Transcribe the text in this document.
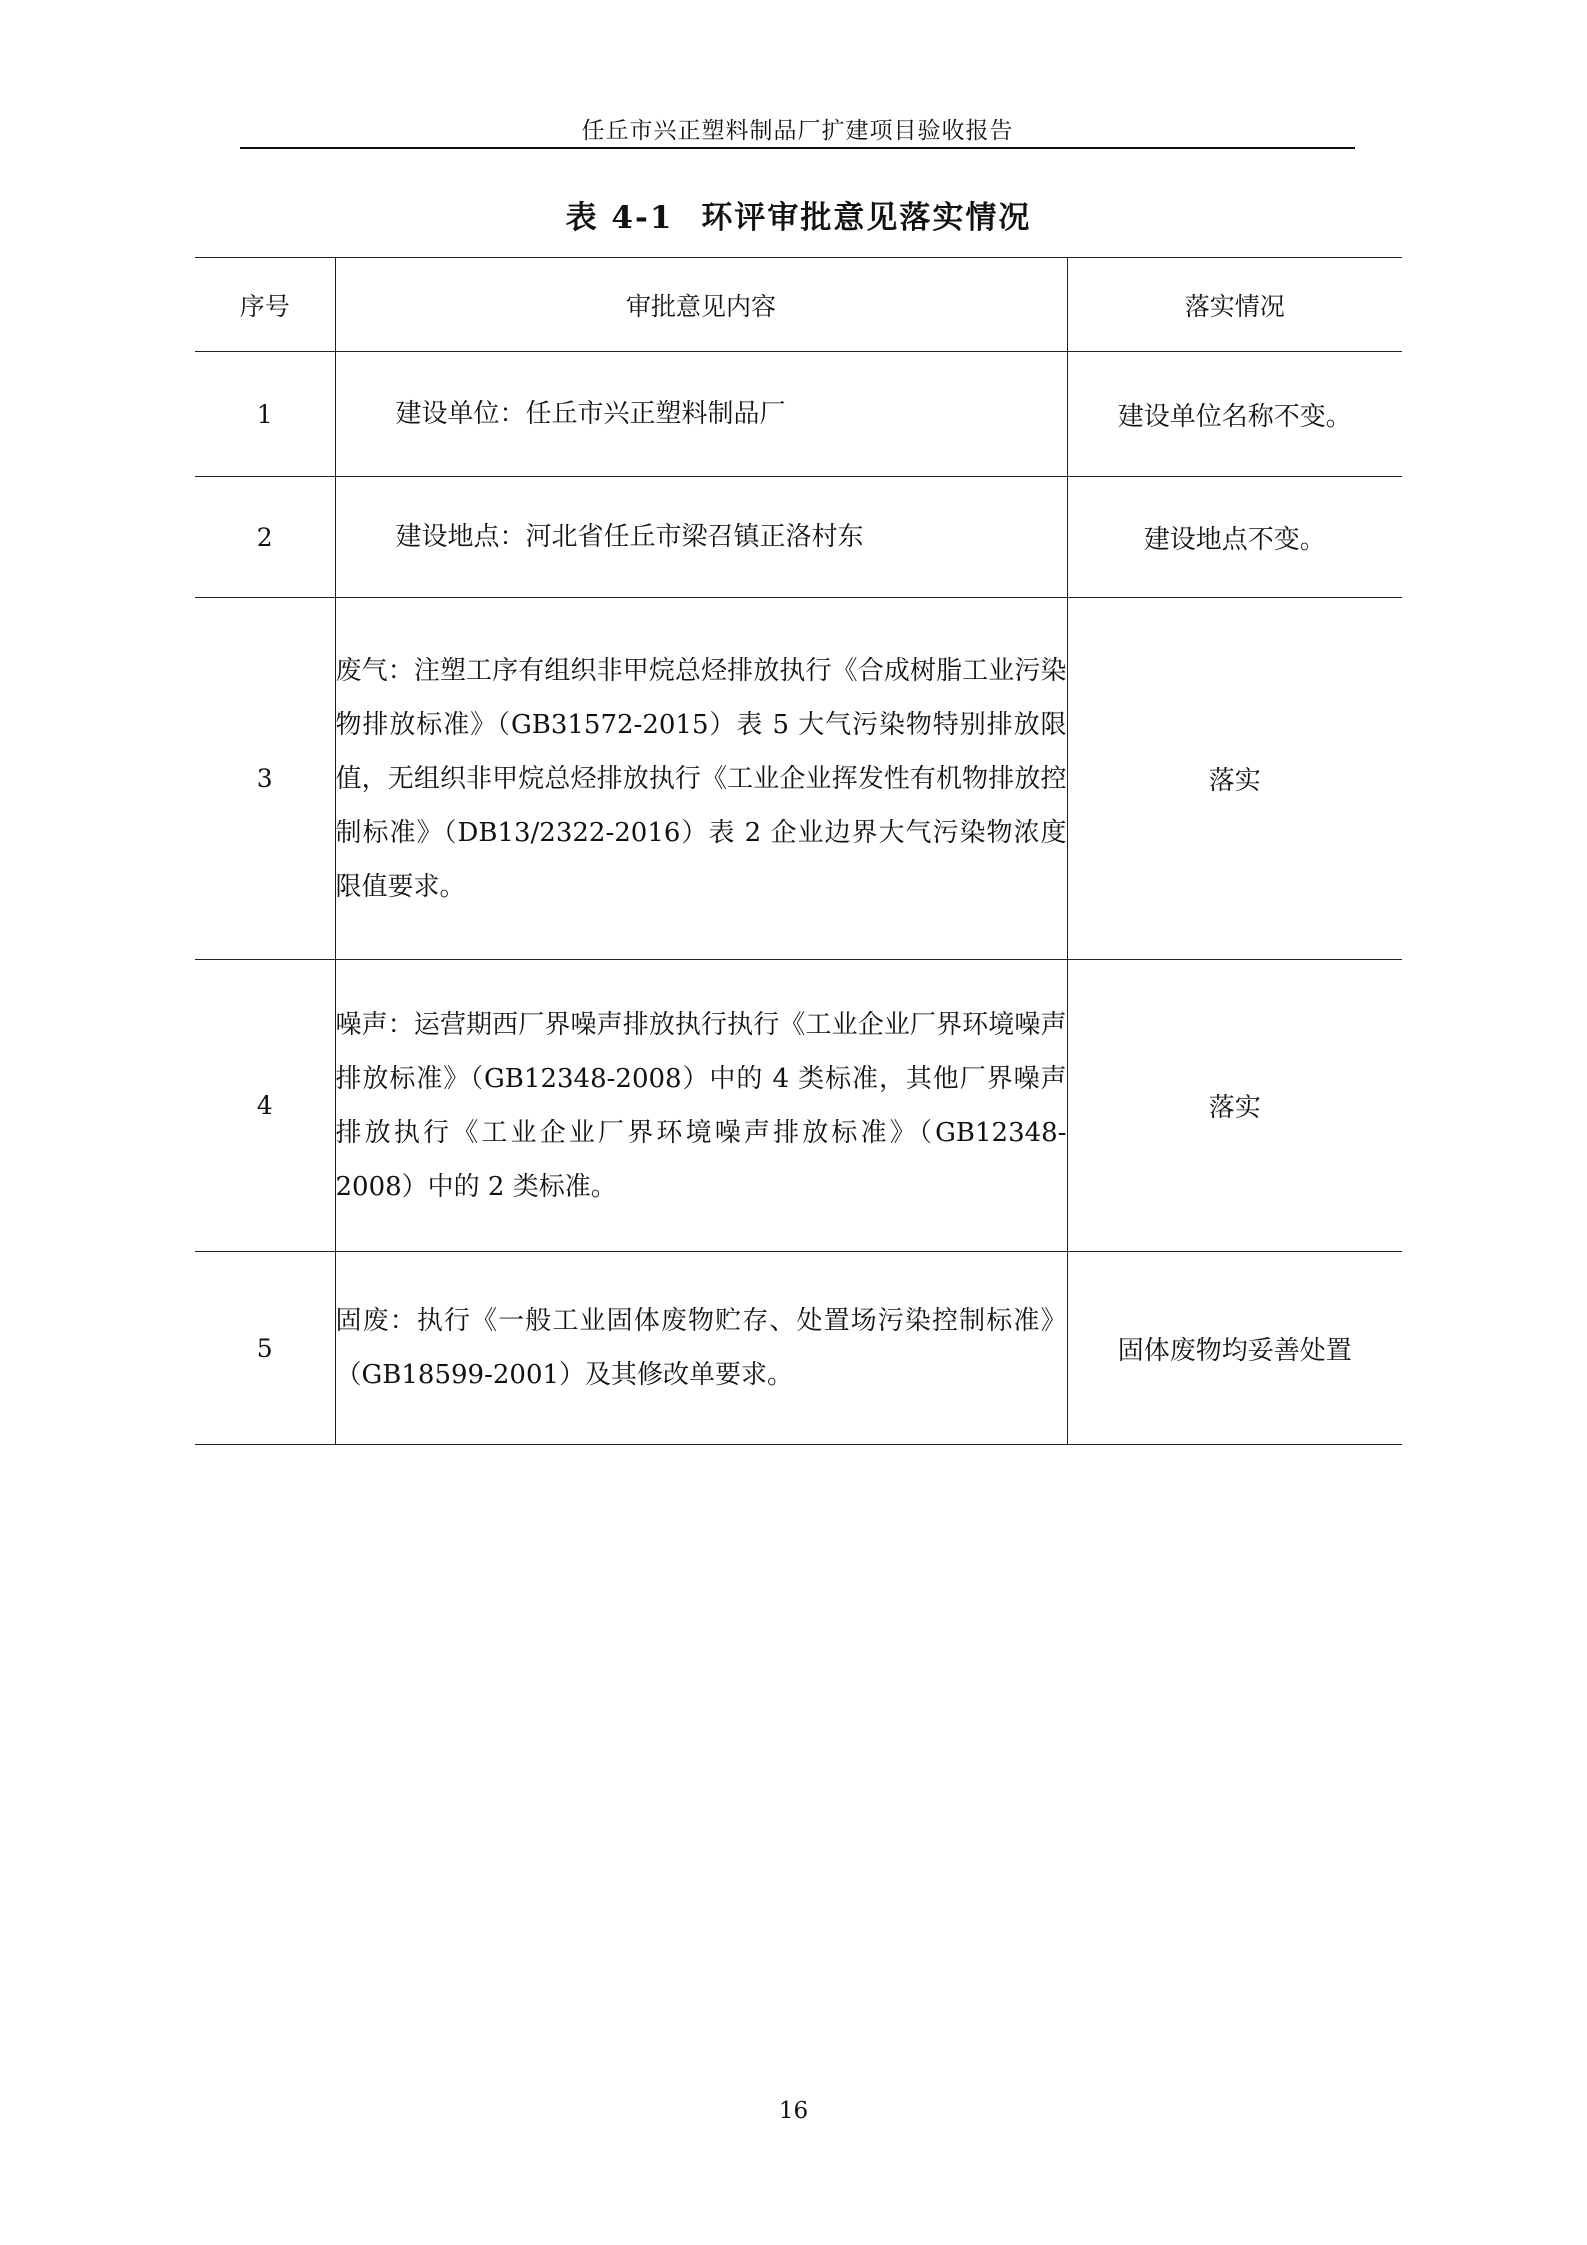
任丘市兴正塑料制品厂扩建项目验收报告
表 4-1 环评审批意见落实情况
序号	审批意见内容	落实情况
1	建设单位：任丘市兴正塑料制品厂	建设单位名称不变。
2	建设地点：河北省任丘市梁召镇正洛村东	建设地点不变。
3	废气：注塑工序有组织非甲烷总烃排放执行《合成树脂工业污染物排放标准》（GB31572-2015）表 5 大气污染物特别排放限值，无组织非甲烷总烃排放执行《工业企业挥发性有机物排放控制标准》（DB13/2322-2016）表 2 企业边界大气污染物浓度限值要求。	落实
4	噪声：运营期西厂界噪声排放执行执行《工业企业厂界环境噪声排放标准》（GB12348-2008）中的 4 类标准，其他厂界噪声排放执行《工业企业厂界环境噪声排放标准》（GB12348-2008）中的 2 类标准。	落实
5	固废：执行《一般工业固体废物贮存、处置场污染控制标准》（GB18599-2001）及其修改单要求。	固体废物均妥善处置
16
